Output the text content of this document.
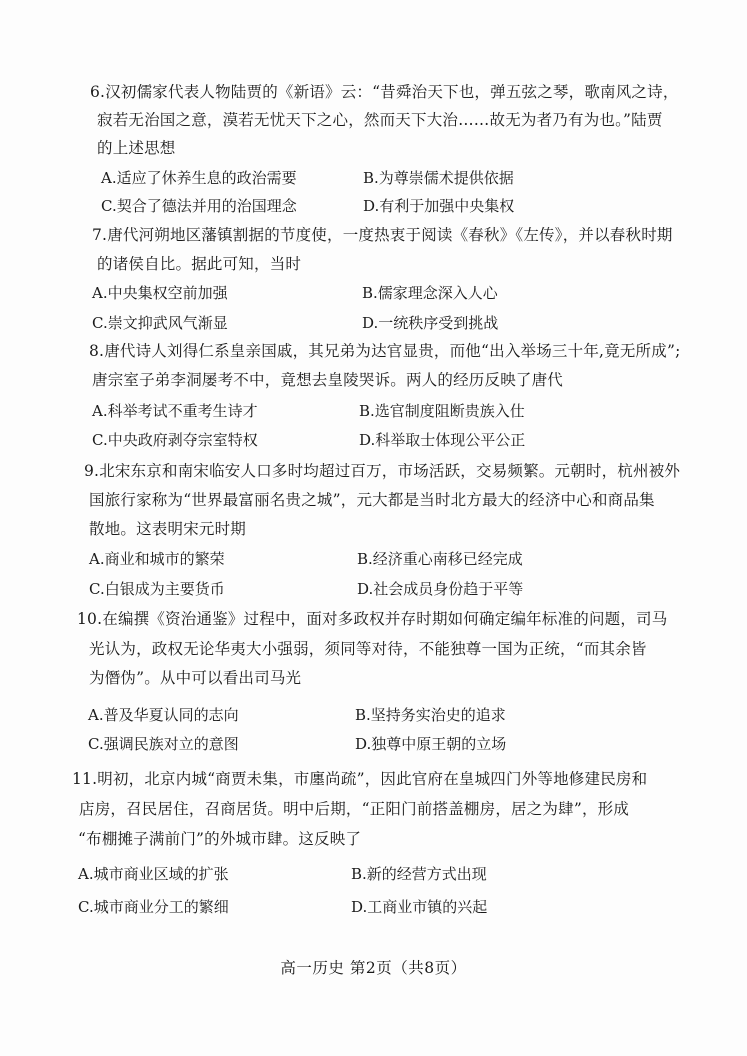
6.汉初儒家代表人物陆贾的《新语》云：“昔舜治天下也，弹五弦之琴，歌南风之诗，
寂若无治国之意，漠若无忧天下之心，然而天下大治……故无为者乃有为也。”陆贾
的上述思想
A.适应了休养生息的政治需要	B.为尊崇儒术提供依据
C.契合了德法并用的治国理念	D.有利于加强中央集权
7.唐代河朔地区藩镇割据的节度使，一度热衷于阅读《春秋》《左传》，并以春秋时期
的诸侯自比。据此可知，当时
A.中央集权空前加强	B.儒家理念深入人心
C.崇文抑武风气渐显	D.一统秩序受到挑战
8.唐代诗人刘得仁系皇亲国戚，其兄弟为达官显贵，而他“出入举场三十年,竟无所成”;
唐宗室子弟李洞屡考不中，竟想去皇陵哭诉。两人的经历反映了唐代
A.科举考试不重考生诗才	B.选官制度阻断贵族入仕
C.中央政府剥夺宗室特权	D.科举取士体现公平公正
9.北宋东京和南宋临安人口多时均超过百万，市场活跃，交易频繁。元朝时，杭州被外
国旅行家称为“世界最富丽名贵之城”，元大都是当时北方最大的经济中心和商品集
散地。这表明宋元时期
A.商业和城市的繁荣	B.经济重心南移已经完成
C.白银成为主要货币	D.社会成员身份趋于平等
10.在编撰《资治通鉴》过程中，面对多政权并存时期如何确定编年标准的问题，司马
光认为，政权无论华夷大小强弱，须同等对待，不能独尊一国为正统，“而其余皆
为僭伪”。从中可以看出司马光
A.普及华夏认同的志向	B.坚持务实治史的追求
C.强调民族对立的意图	D.独尊中原王朝的立场
11.明初，北京内城“商贾未集，市廛尚疏”，因此官府在皇城四门外等地修建民房和
店房，召民居住，召商居货。明中后期，“正阳门前搭盖棚房，居之为肆”，形成
“布棚摊子满前门”的外城市肆。这反映了
A.城市商业区域的扩张	B.新的经营方式出现
C.城市商业分工的繁细	D.工商业市镇的兴起
高一历史 第2页（共8页）
